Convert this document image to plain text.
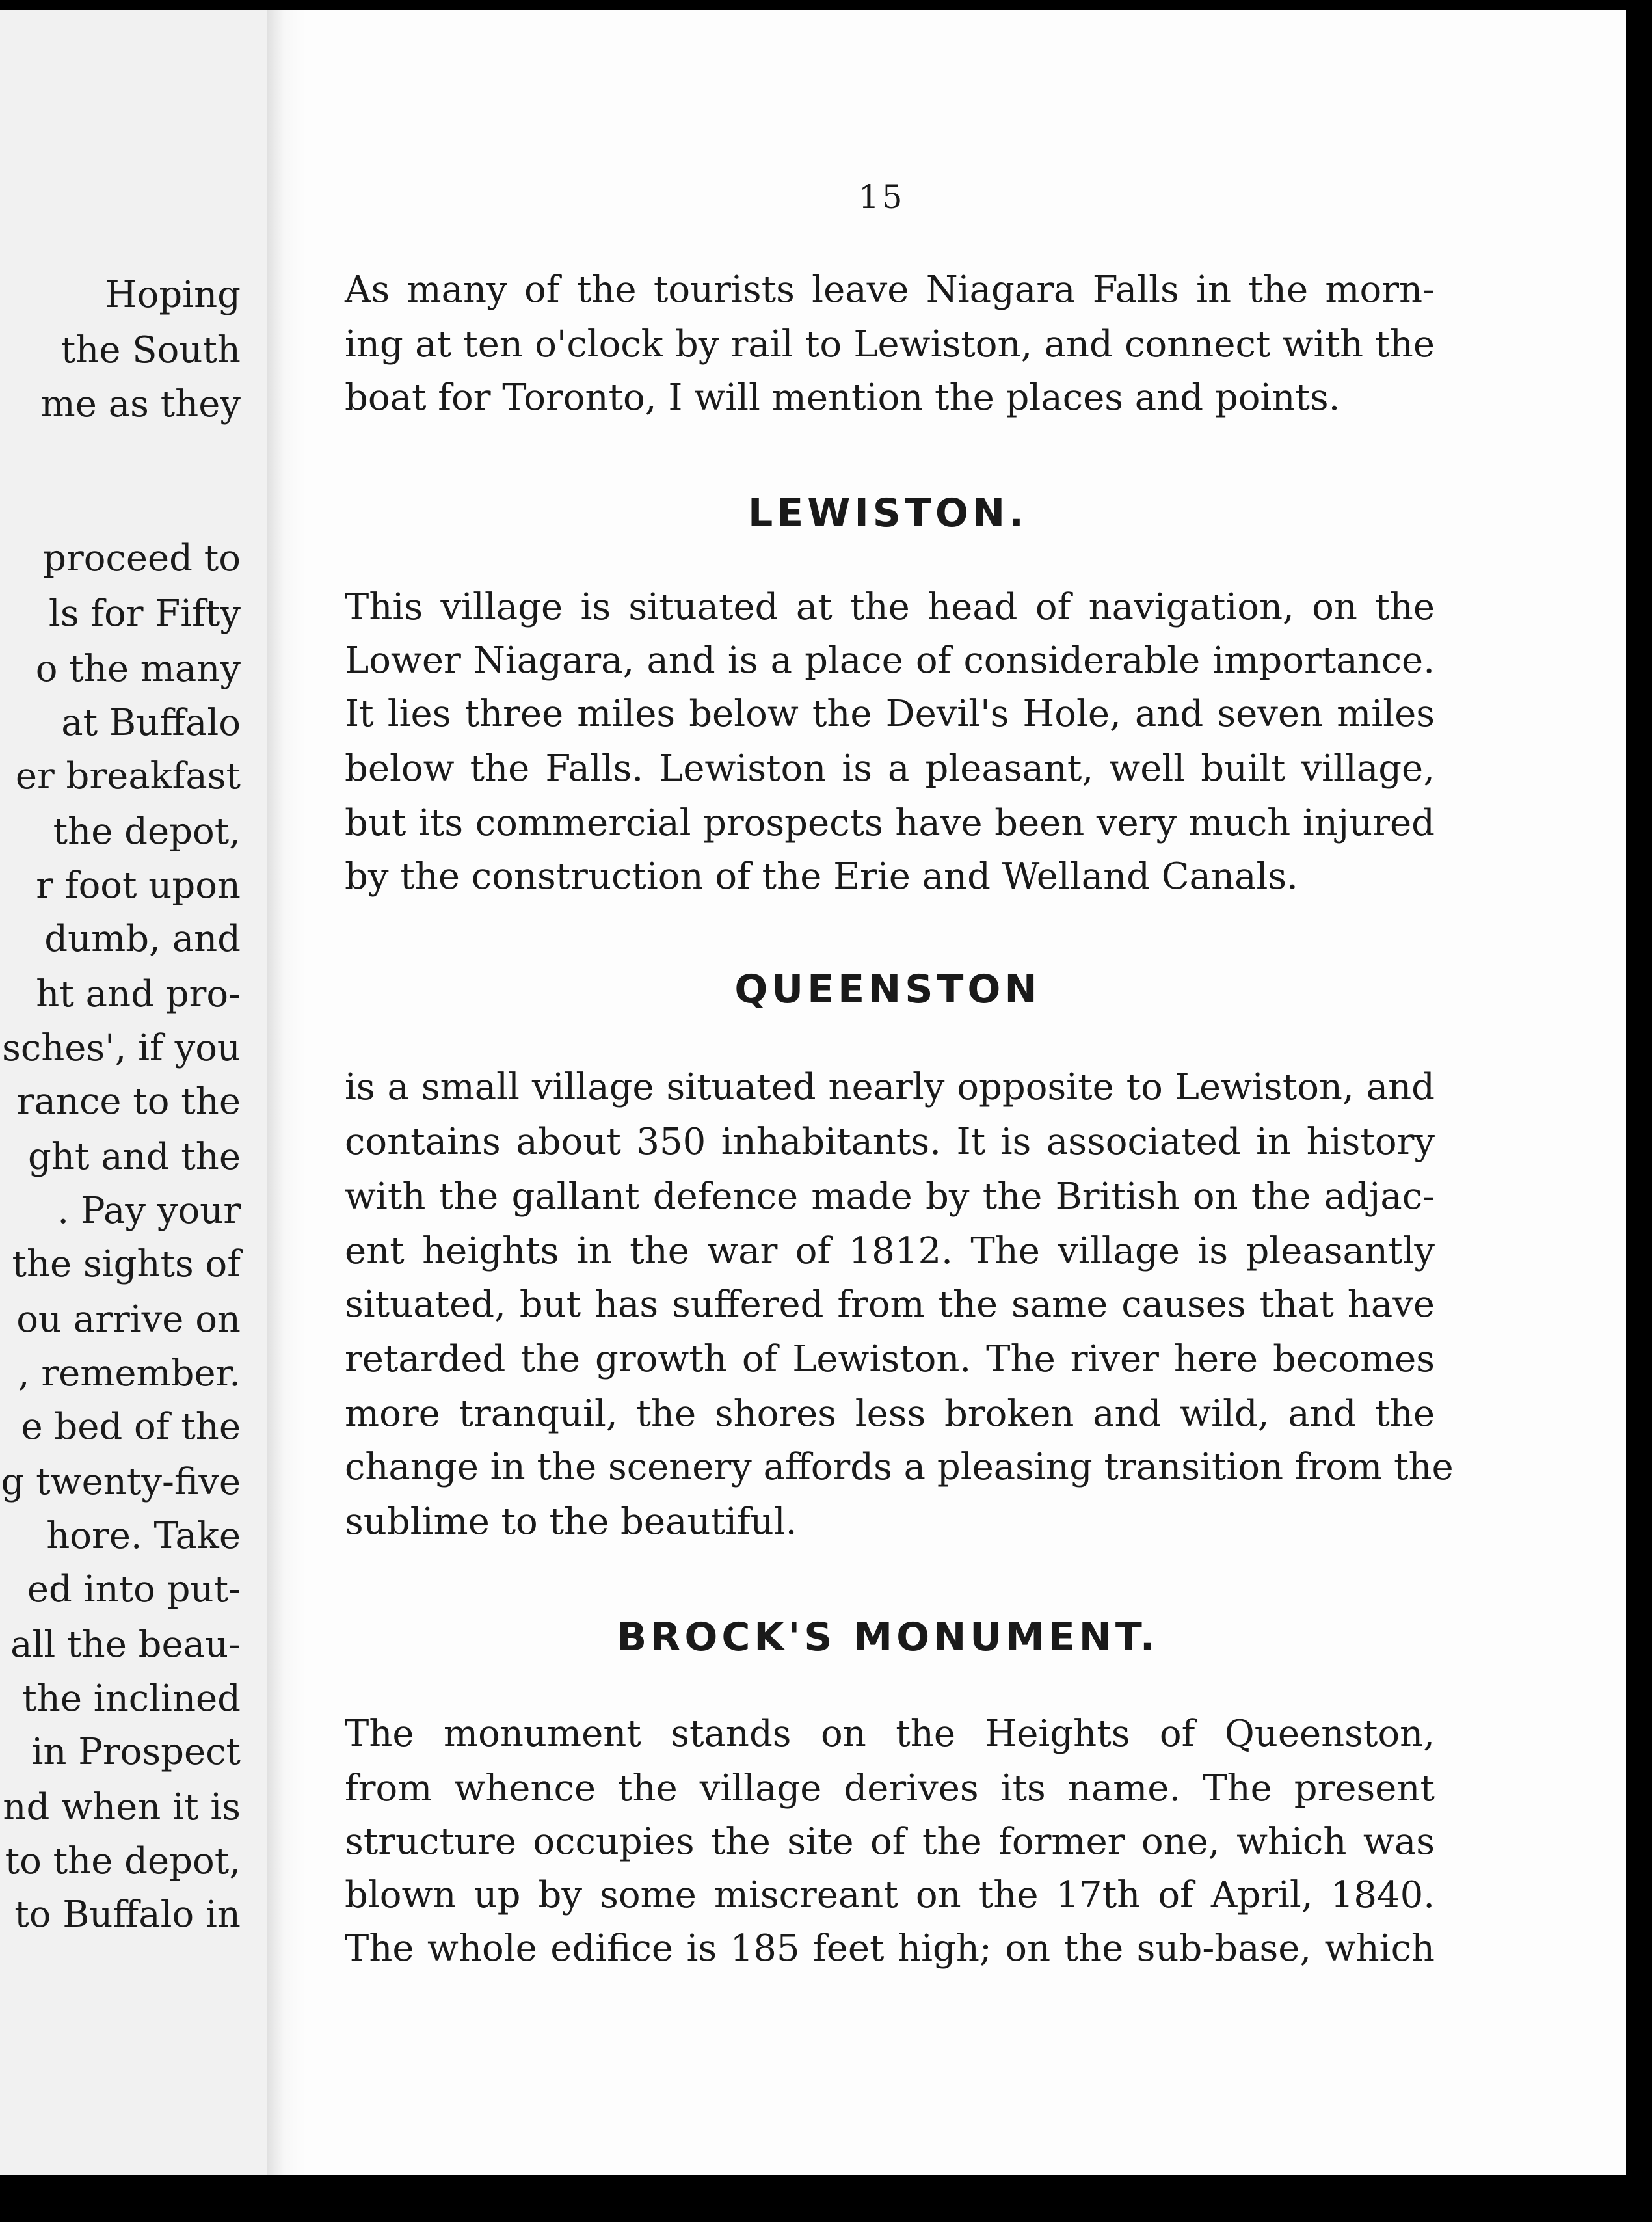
Hoping
the South
me as they
proceed to
ls for Fifty
o the many
at Buffalo
er breakfast
the depot,
r foot upon
dumb, and
ht and pro-
sches', if you
rance to the
ght and the
. Pay your
the sights of
ou arrive on
, remember.
e bed of the
g twenty-five
hore. Take
ed into put-
all the beau-
the inclined
in Prospect
nd when it is
to the depot,
to Buffalo in
15
As many of the tourists leave Niagara Falls in the morn-
ing at ten o'clock by rail to Lewiston, and connect with the
boat for Toronto, I will mention the places and points.
LEWISTON.
This village is situated at the head of navigation, on the
Lower Niagara, and is a place of considerable importance.
It lies three miles below the Devil's Hole, and seven miles
below the Falls. Lewiston is a pleasant, well built village,
but its commercial prospects have been very much injured
by the construction of the Erie and Welland Canals.
QUEENSTON
is a small village situated nearly opposite to Lewiston, and
contains about 350 inhabitants. It is associated in history
with the gallant defence made by the British on the adjac-
ent heights in the war of 1812. The village is pleasantly
situated, but has suffered from the same causes that have
retarded the growth of Lewiston. The river here becomes
more tranquil, the shores less broken and wild, and the
change in the scenery affords a pleasing transition from the
sublime to the beautiful.
BROCK'S MONUMENT.
The monument stands on the Heights of Queenston,
from whence the village derives its name. The present
structure occupies the site of the former one, which was
blown up by some miscreant on the 17th of April, 1840.
The whole edifice is 185 feet high; on the sub-base, which
